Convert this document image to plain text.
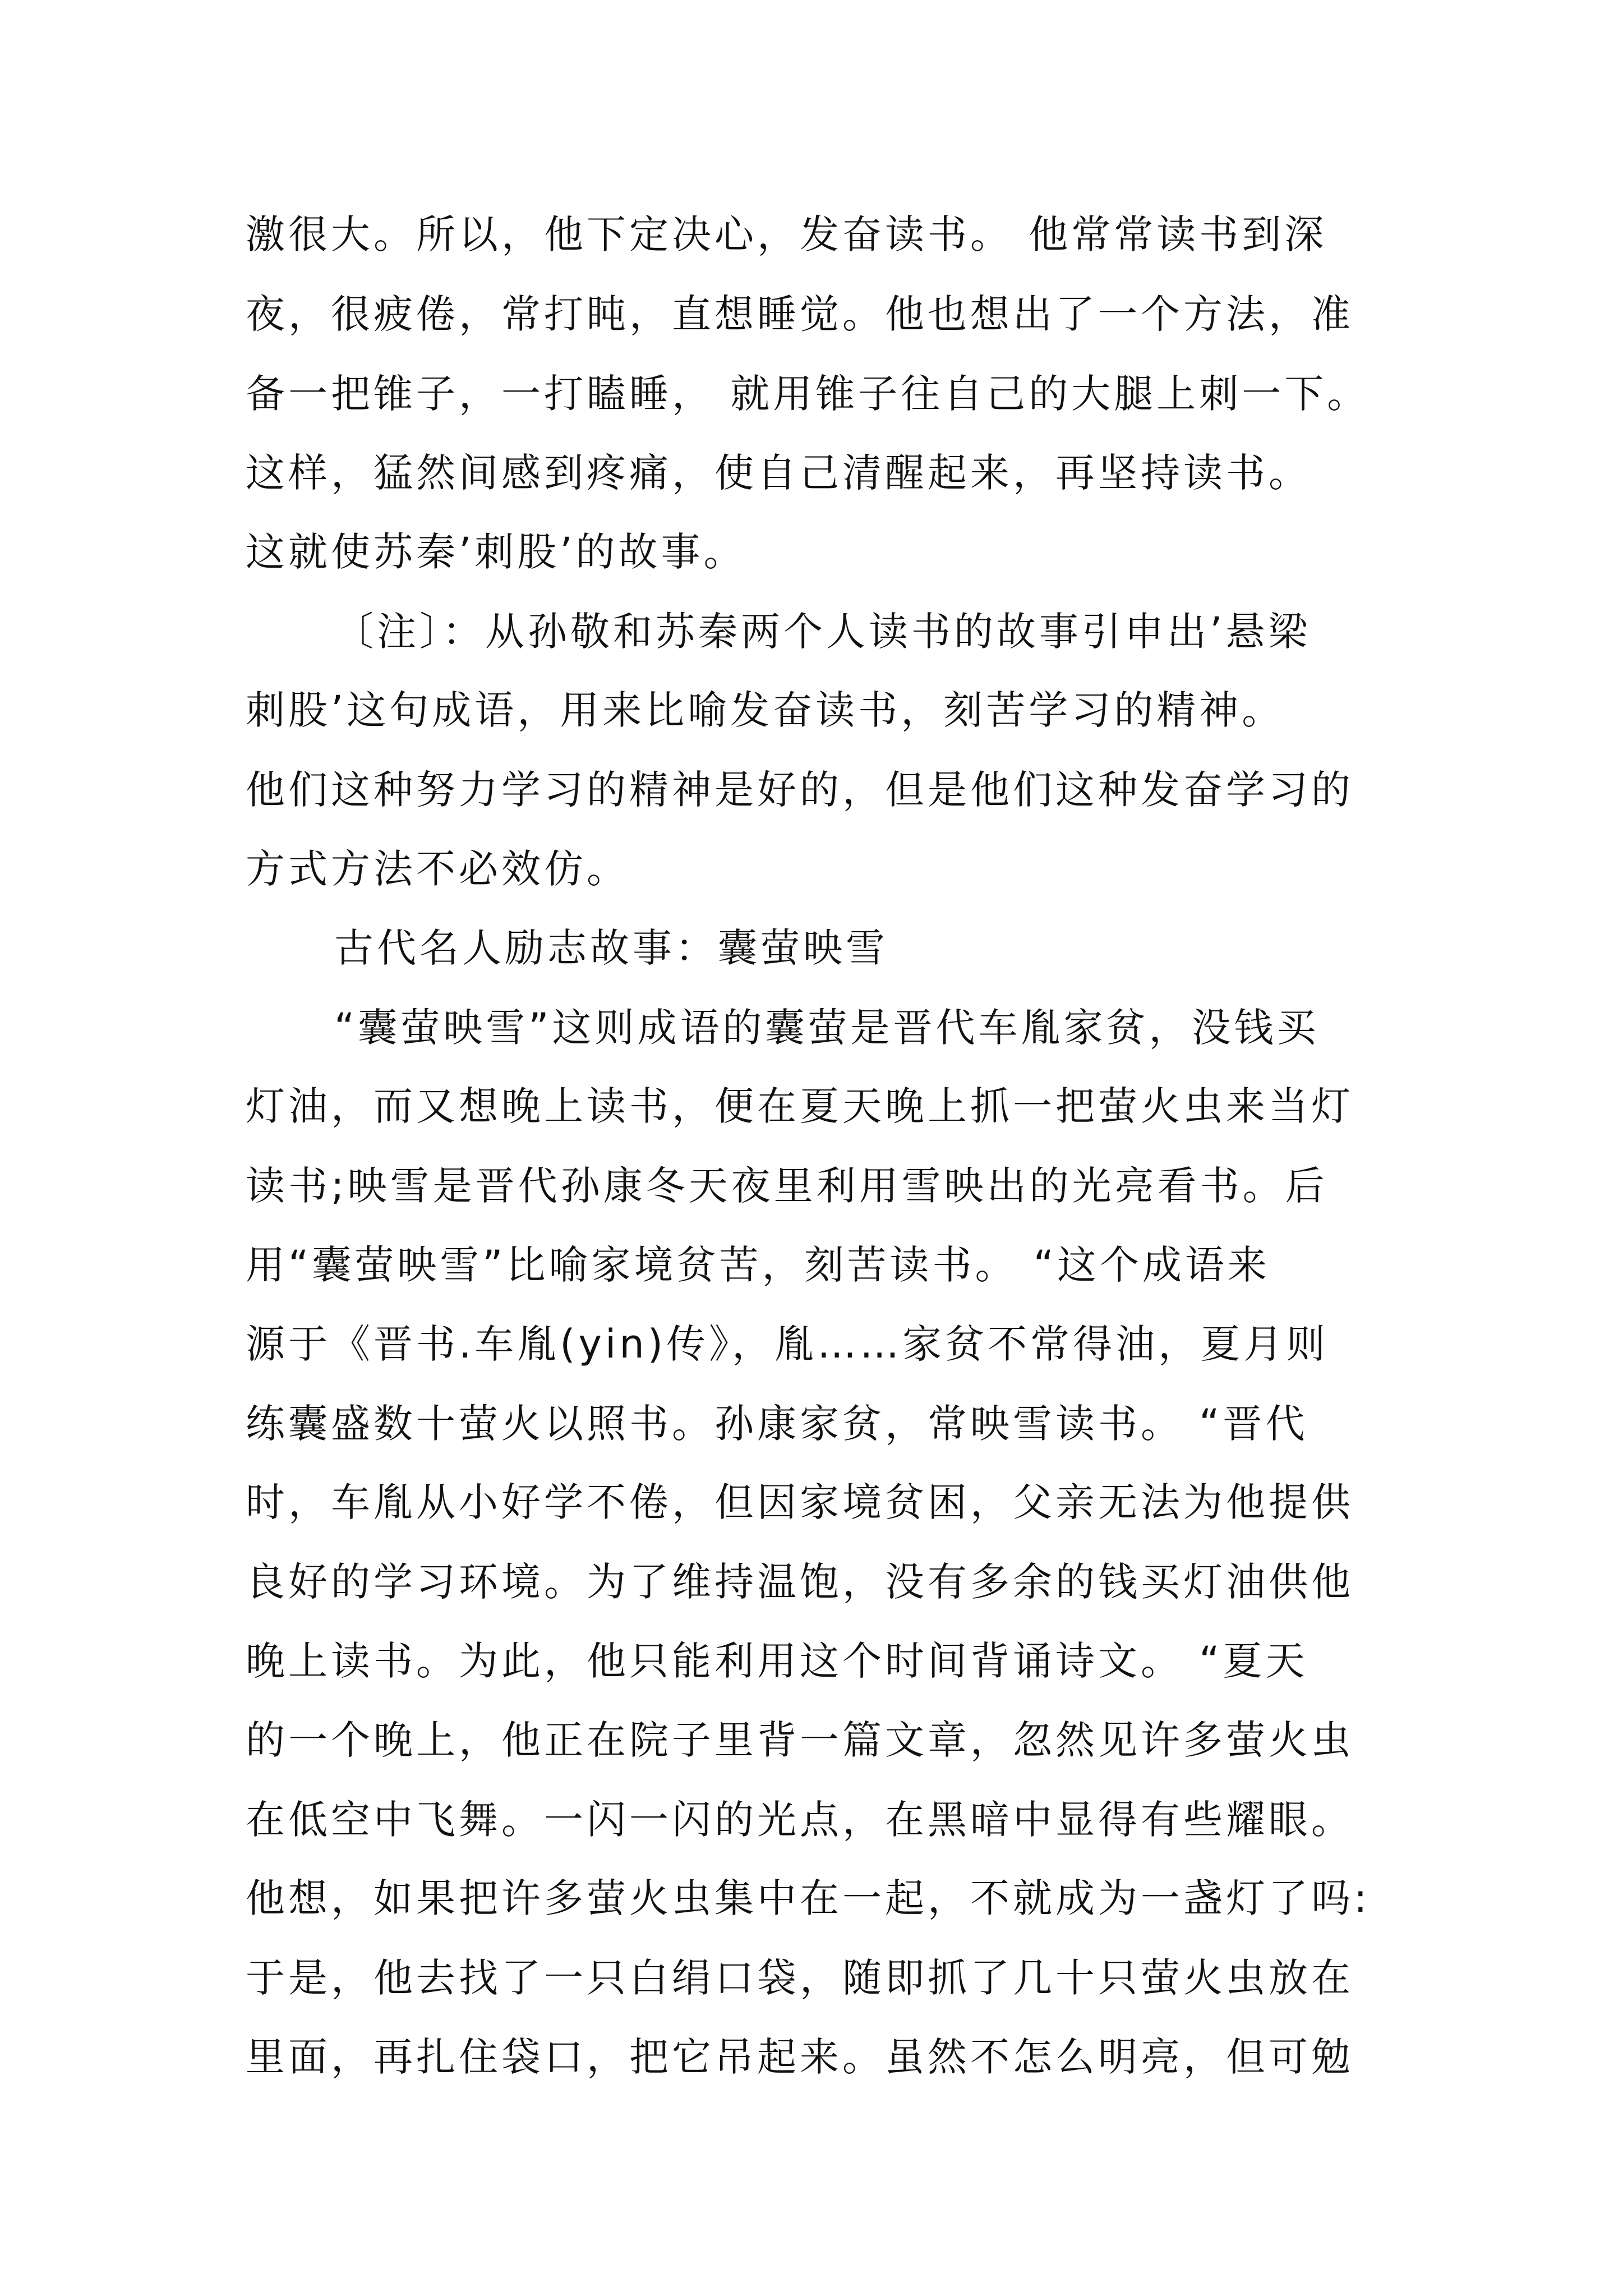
激很大。所以，他下定决心，发奋读书。 他常常读书到深
夜，很疲倦，常打盹，直想睡觉。他也想出了一个方法，准
备一把锥子，一打瞌睡， 就用锥子往自己的大腿上刺一下。
这样，猛然间感到疼痛，使自己清醒起来，再坚持读书。
这就使苏秦’刺股’的故事。
〔注〕：从孙敬和苏秦两个人读书的故事引申出’悬梁
刺股’这句成语，用来比喻发奋读书，刻苦学习的精神。
他们这种努力学习的精神是好的，但是他们这种发奋学习的
方式方法不必效仿。
古代名人励志故事：囊萤映雪
“囊萤映雪”这则成语的囊萤是晋代车胤家贫，没钱买
灯油，而又想晚上读书，便在夏天晚上抓一把萤火虫来当灯
读书;映雪是晋代孙康冬天夜里利用雪映出的光亮看书。后
用“囊萤映雪”比喻家境贫苦，刻苦读书。 “这个成语来
源于《晋书.车胤(yin)传》，胤……家贫不常得油，夏月则
练囊盛数十萤火以照书。孙康家贫，常映雪读书。 “晋代
时，车胤从小好学不倦，但因家境贫困，父亲无法为他提供
良好的学习环境。为了维持温饱，没有多余的钱买灯油供他
晚上读书。为此，他只能利用这个时间背诵诗文。 “夏天
的一个晚上，他正在院子里背一篇文章，忽然见许多萤火虫
在低空中飞舞。一闪一闪的光点，在黑暗中显得有些耀眼。
他想，如果把许多萤火虫集中在一起，不就成为一盏灯了吗:
于是，他去找了一只白绢口袋，随即抓了几十只萤火虫放在
里面，再扎住袋口，把它吊起来。虽然不怎么明亮，但可勉
